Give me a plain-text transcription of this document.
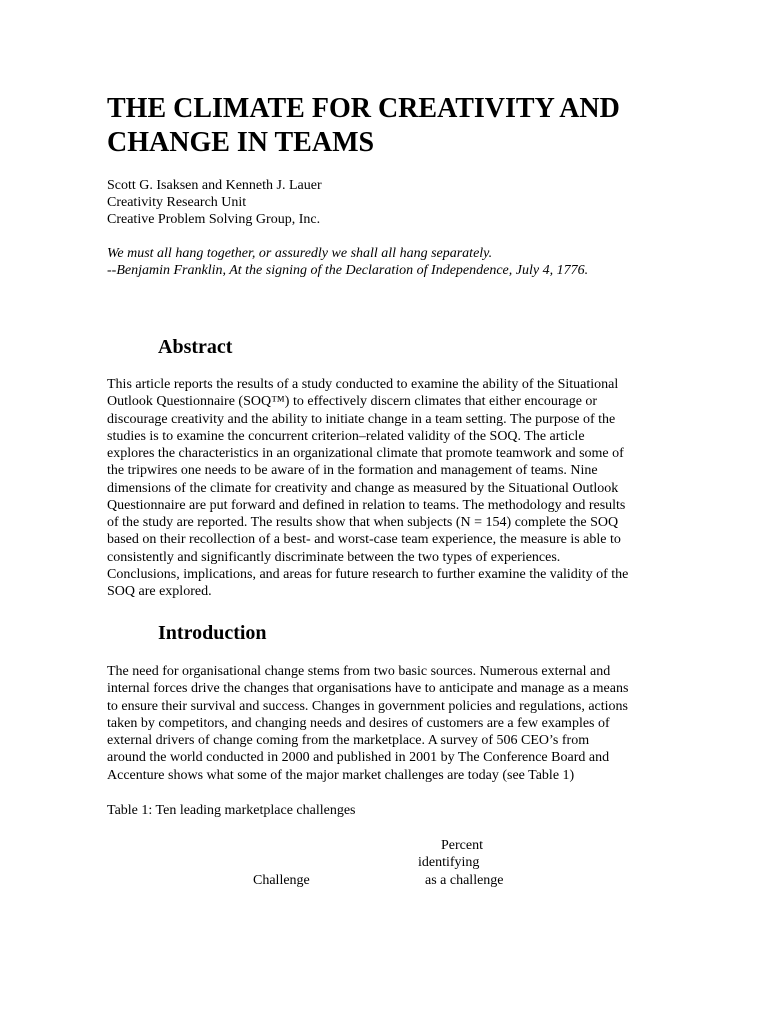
THE CLIMATE FOR CREATIVITY AND CHANGE IN TEAMS
Scott G. Isaksen and Kenneth J. Lauer
Creativity Research Unit
Creative Problem Solving Group, Inc.
We must all hang together, or assuredly we shall all hang separately.
--Benjamin Franklin, At the signing of the Declaration of Independence, July 4, 1776.
Abstract
This article reports the results of a study conducted to examine the ability of the Situational
Outlook Questionnaire (SOQ™) to effectively discern climates that either encourage or
discourage creativity and the ability to initiate change in a team setting. The purpose of the
studies is to examine the concurrent criterion–related validity of the SOQ. The article
explores the characteristics in an organizational climate that promote teamwork and some of
the tripwires one needs to be aware of in the formation and management of teams. Nine
dimensions of the climate for creativity and change as measured by the Situational Outlook
Questionnaire are put forward and defined in relation to teams. The methodology and results
of the study are reported. The results show that when subjects (N = 154) complete the SOQ
based on their recollection of a best- and worst-case team experience, the measure is able to
consistently and significantly discriminate between the two types of experiences.
Conclusions, implications, and areas for future research to further examine the validity of the
SOQ are explored.
Introduction
The need for organisational change stems from two basic sources. Numerous external and
internal forces drive the changes that organisations have to anticipate and manage as a means
to ensure their survival and success. Changes in government policies and regulations, actions
taken by competitors, and changing needs and desires of customers are a few examples of
external drivers of change coming from the marketplace. A survey of 506 CEO’s from
around the world conducted in 2000 and published in 2001 by The Conference Board and
Accenture shows what some of the major market challenges are today (see Table 1)
Table 1: Ten leading marketplace challenges
Percent
identifying
as a challenge
Challenge
